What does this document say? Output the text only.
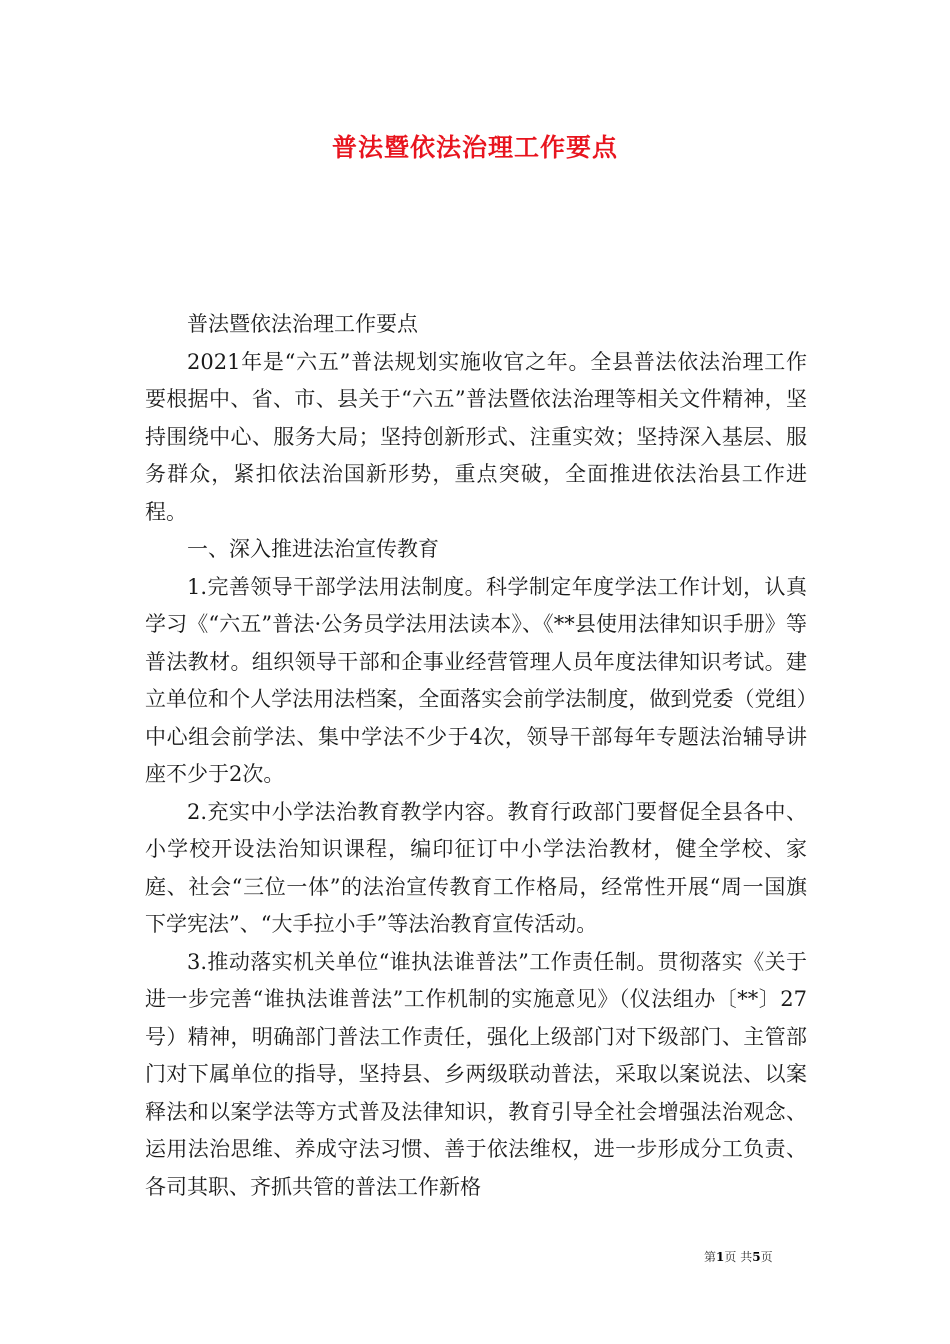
普法暨依法治理工作要点

普法暨依法治理工作要点

2021年是“六五”普法规划实施收官之年。全县普法依法治理工作要根据中、省、市、县关于“六五”普法暨依法治理等相关文件精神，坚持围绕中心、服务大局；坚持创新形式、注重实效；坚持深入基层、服务群众，紧扣依法治国新形势，重点突破，全面推进依法治县工作进程。

一、深入推进法治宣传教育

1.完善领导干部学法用法制度。科学制定年度学法工作计划，认真学习《“六五”普法·公务员学法用法读本》、《**县使用法律知识手册》等普法教材。组织领导干部和企事业经营管理人员年度法律知识考试。建立单位和个人学法用法档案，全面落实会前学法制度，做到党委（党组）中心组会前学法、集中学法不少于4次，领导干部每年专题法治辅导讲座不少于2次。

2.充实中小学法治教育教学内容。教育行政部门要督促全县各中、小学校开设法治知识课程，编印征订中小学法治教材，健全学校、家庭、社会“三位一体”的法治宣传教育工作格局，经常性开展“周一国旗下学宪法”、“大手拉小手”等法治教育宣传活动。

3.推动落实机关单位“谁执法谁普法”工作责任制。贯彻落实《关于进一步完善“谁执法谁普法”工作机制的实施意见》（仪法组办〔**〕27号）精神，明确部门普法工作责任，强化上级部门对下级部门、主管部门对下属单位的指导，坚持县、乡两级联动普法，采取以案说法、以案释法和以案学法等方式普及法律知识，教育引导全社会增强法治观念、运用法治思维、养成守法习惯、善于依法维权，进一步形成分工负责、各司其职、齐抓共管的普法工作新格

第1页 共5页
